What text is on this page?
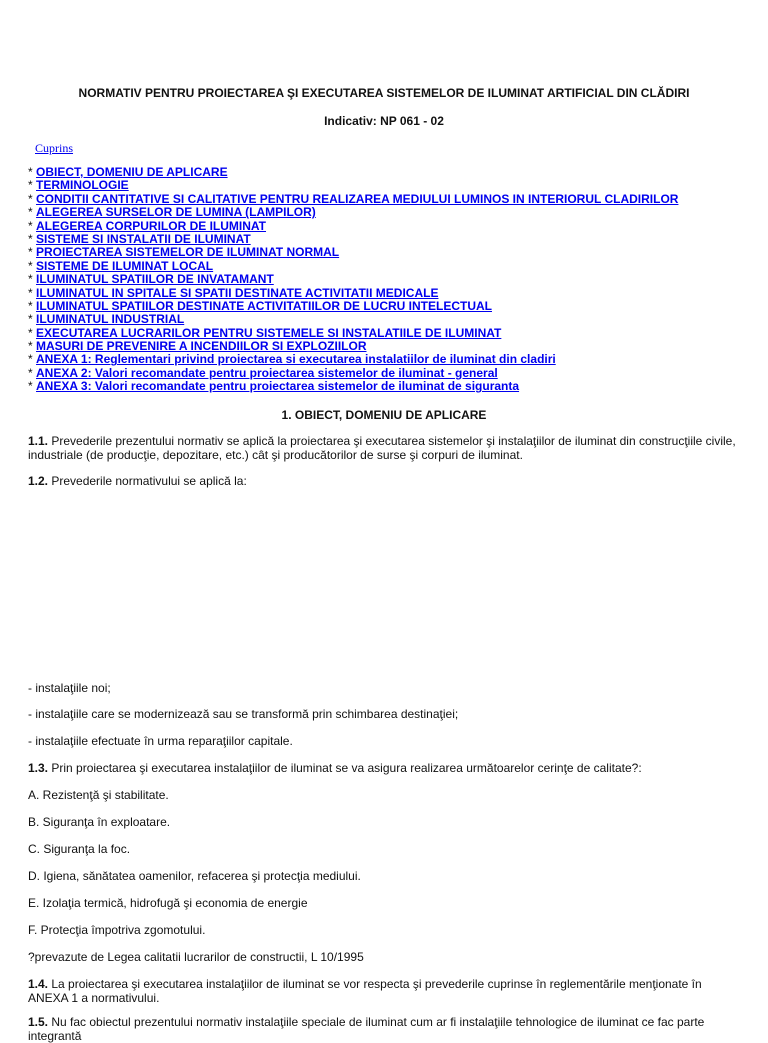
NORMATIV PENTRU PROIECTAREA ŞI EXECUTAREA SISTEMELOR DE ILUMINAT ARTIFICIAL DIN CLĂDIRI
Indicativ: NP 061 - 02
Cuprins
* OBIECT, DOMENIU DE APLICARE
* TERMINOLOGIE
* CONDITII CANTITATIVE SI CALITATIVE PENTRU REALIZAREA MEDIULUI LUMINOS IN INTERIORUL CLADIRILOR
* ALEGEREA SURSELOR DE LUMINA (LAMPILOR)
* ALEGEREA CORPURILOR DE ILUMINAT
* SISTEME SI INSTALATII DE ILUMINAT
* PROIECTAREA SISTEMELOR DE ILUMINAT NORMAL
* SISTEME DE ILUMINAT LOCAL
* ILUMINATUL SPATIILOR DE INVATAMANT
* ILUMINATUL IN SPITALE SI SPATII DESTINATE ACTIVITATII MEDICALE
* ILUMINATUL SPATIILOR DESTINATE ACTIVITATIILOR DE LUCRU INTELECTUAL
* ILUMINATUL INDUSTRIAL
* EXECUTAREA LUCRARILOR PENTRU SISTEMELE SI INSTALATIILE DE ILUMINAT
* MASURI DE PREVENIRE A INCENDIILOR SI EXPLOZIILOR
* ANEXA 1: Reglementari privind proiectarea si executarea instalatiilor de iluminat din cladiri
* ANEXA 2: Valori recomandate pentru proiectarea sistemelor de iluminat - general
* ANEXA 3: Valori recomandate pentru proiectarea sistemelor de iluminat de siguranta
1. OBIECT, DOMENIU DE APLICARE
1.1. Prevederile prezentului normativ se aplică la proiectarea şi executarea sistemelor şi instalaţiilor de iluminat din construcţiile civile, industriale (de producţie, depozitare, etc.) cât şi producătorilor de surse şi corpuri de iluminat.
1.2. Prevederile normativului se aplică la:
- instalaţiile noi;
- instalaţiile care se modernizează sau se transformă prin schimbarea destinaţiei;
- instalaţiile efectuate în urma reparaţiilor capitale.
1.3. Prin proiectarea şi executarea instalaţiilor de iluminat se va asigura realizarea următoarelor cerinţe de calitate?:
A. Rezistenţă şi stabilitate.
B. Siguranţa în exploatare.
C. Siguranţa la foc.
D. Igiena, sănătatea oamenilor, refacerea şi protecţia mediului.
E. Izolaţia termică, hidrofugă şi economia de energie
F. Protecţia împotriva zgomotului.
?prevazute de Legea calitatii lucrarilor de constructii, L 10/1995
1.4. La proiectarea şi executarea instalaţiilor de iluminat se vor respecta şi prevederile cuprinse în reglementările menţionate în ANEXA 1 a normativului.
1.5. Nu fac obiectul prezentului normativ instalaţiile speciale de iluminat cum ar fi instalaţiile tehnologice de iluminat ce fac parte integrantă
